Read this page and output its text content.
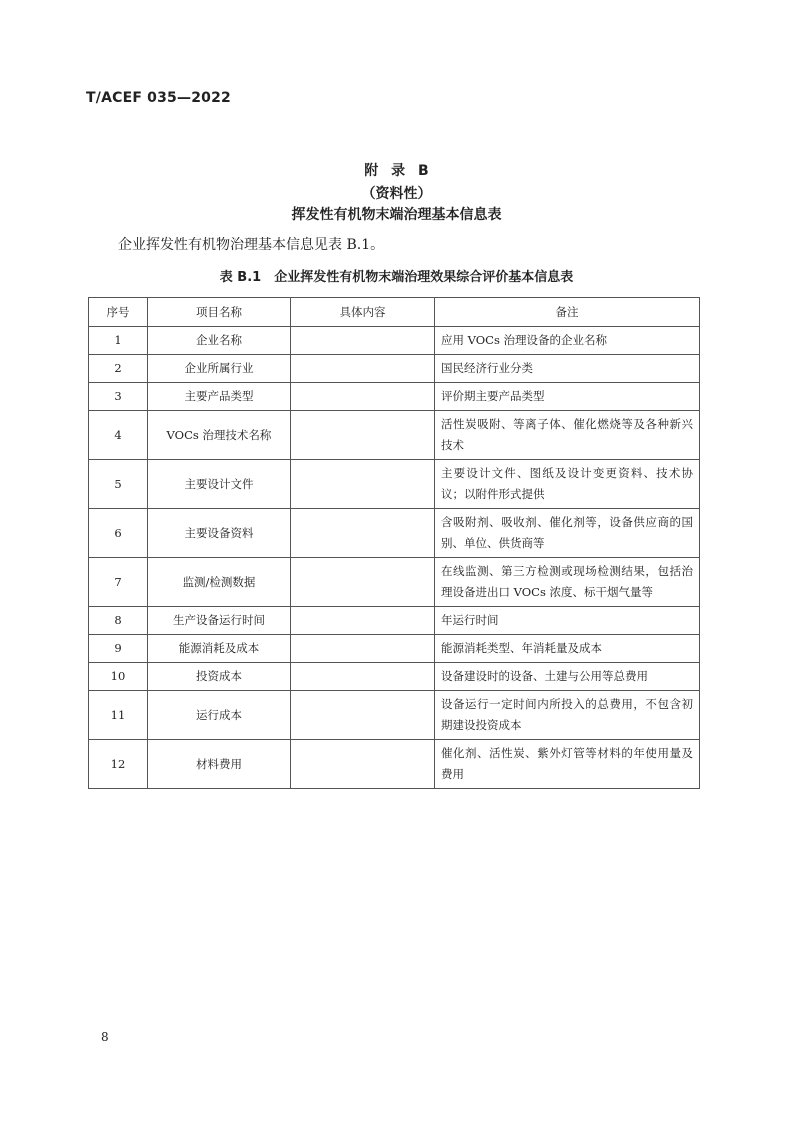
T/ACEF 035—2022
附 录 B
（资料性）
挥发性有机物末端治理基本信息表
企业挥发性有机物治理基本信息见表 B.1。
表 B.1　企业挥发性有机物末端治理效果综合评价基本信息表
序号	项目名称	具体内容	备注
1	企业名称		应用 VOCs 治理设备的企业名称
2	企业所属行业		国民经济行业分类
3	主要产品类型		评价期主要产品类型
4	VOCs 治理技术名称		活性炭吸附、等离子体、催化燃烧等及各种新兴技术
5	主要设计文件		主要设计文件、图纸及设计变更资料、技术协议；以附件形式提供
6	主要设备资料		含吸附剂、吸收剂、催化剂等，设备供应商的国别、单位、供货商等
7	监测/检测数据		在线监测、第三方检测或现场检测结果，包括治理设备进出口 VOCs 浓度、标干烟气量等
8	生产设备运行时间		年运行时间
9	能源消耗及成本		能源消耗类型、年消耗量及成本
10	投资成本		设备建设时的设备、土建与公用等总费用
11	运行成本		设备运行一定时间内所投入的总费用，不包含初期建设投资成本
12	材料费用		催化剂、活性炭、紫外灯管等材料的年使用量及费用
8
